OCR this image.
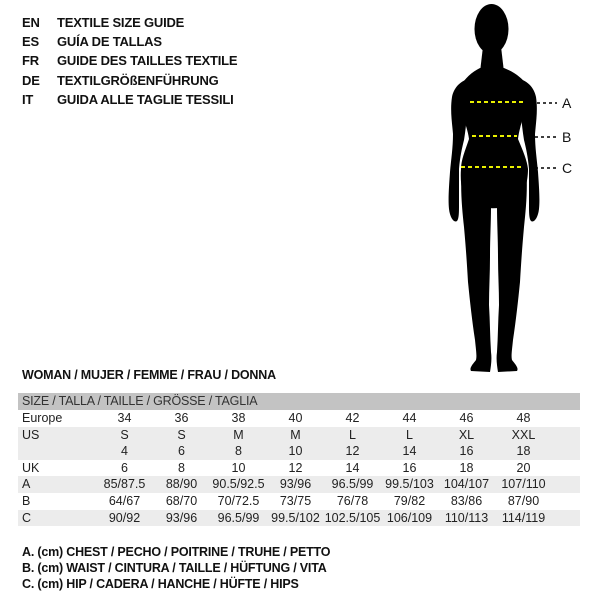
EN	TEXTILE SIZE GUIDE
ES	GUÍA DE TALLAS
FR	GUIDE DES TAILLES TEXTILE
DE	TEXTILGRÖßENFÜHRUNG
IT	GUIDA ALLE TAGLIE TESSILI	A
B
C
WOMAN / MUJER / FEMME / FRAU / DONNA
SIZE / TALLA / TAILLE / GRÖSSE / TAGLIA
Europe	34	36	38	40	42	44	46	48
US	S	S	M	M	L	L	XL	XXL
4	6	8	10	12	14	16	18
UK	6	8	10	12	14	16	18	20
A	85/87.5	88/90	90.5/92.5	93/96	96.5/99 99.5/103 104/107 107/110
B	64/67	68/70	70/72.5	73/75	76/78	79/82	83/86	87/90
C	90/92	93/96	96.5/99 99.5/102 102.5/105 106/109	110/113	114/119
A. (cm) CHEST / PECHO / POITRINE / TRUHE / PETTO
B. (cm) WAIST / CINTURA / TAILLE / HÜFTUNG / VITA
C. (cm) HIP / CADERA / HANCHE / HÜFTE / HIPS
